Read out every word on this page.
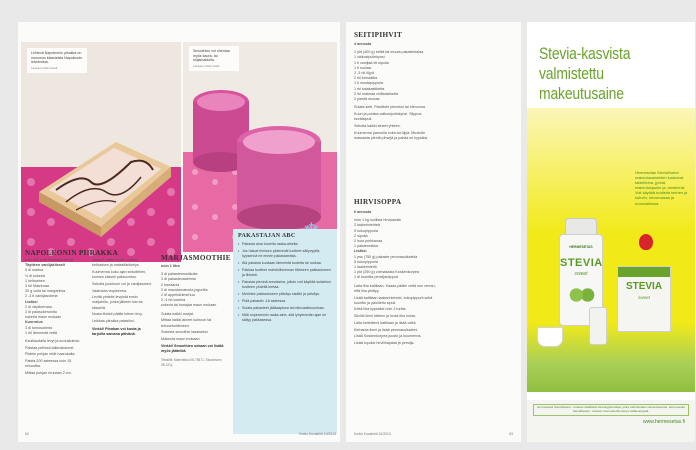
Lehtevä Napoleonin piirakka on muunnos klassisista Napoleonin leivoksista.
Laukaan Marmeladi
Smoothien voi ohentaa myös kaura- tai soijamaidolla.
Laukaan Marmeladi
NAPOLEONIN PIIRAKKA
noin 400 g eli lehtitaikinalevyt
Täytteen vaniljakiisseli
5 dl maitoa
¾ dl sokeria
1 keltuainen
3 rkl Maizenaa
30 g voita tai margariinia
2 -3 tl vaniljasokeria
Lisäksi
2 dl vispikermaa
3 dl palasokerointia
sokeria maun mukaan
Kuorrutus
3 dl tomusokeria
1 rkl lämmintä vettä

Kaulilaudalla levyt ja suorakulmio.

Paistaa pellissä taikinakannet.

Pistele pohjan reiät haarukalla.

Paista 200 asteessa noin 15 minuuttia.

Mittaa pohjan reunaan 2 cm.

kiisselit varten maito, sokeri, keltuainen ja maissitärkkelys.

Kuumenna koko ajan sekoitellen, kunnes kiisseli paksuuntuu.

Sekoita joukkoon voi ja vaniljasokeri.

Vaahdota vispikerma.

Levitä yhdelle levyistä ensin marjahillo, jonka jälkeen kerros kiisseliä.

Nosta tiiviisti päälle toinen levy.

Leikkaa piirakka palasiksi.

Vinkki! Piirakan voi koota ja tarjoilla samana päivänä.

MARJASMOOTHIE
noin 1 litra
3 dl pakastemustikoita
3 dl pakastevadelmia
2 banaania
3 dl maustamatonta jogurttia
2 dl appelsiinimehua
2 -4 rkl sokeria
sokeria tai hunajaa maun mukaan

Sulata kaikki marjat.

Mittaa kaikki aineet kulhoon tai tehosekoittimeen.

Sosesta smoothie tasaiseksi.

Makeuta maun mukaan.

Vinkki! Smoothien sekaan voi lisätä myös jäätelöä.

Tekstiilit: Marimekko 08-75871, Stockmann 08-1211.

PAKASTAJAN ABC
• Pakasta aina tuoreita raaka-aineita.
• Jos haluat ihmisen pidemmät tuotteet säilyvyyttä, kypsennä ne ennen pakastamista.
• Älä pakasta kuokaan lämmintä tuotetta tai ruokaa.
• Pakkaa tuotteet mahdollisimman tiiviiseen pakkaukseen ja lihtoisti.
• Pakasta pieninä annoksina, jolloin voit käyttää sulatetun tuotteen yhdellä kertaa.
• Merkitse pakkaukseen päiväys sisältö ja päiväys.
• Pidä pakastin -18 asteessa.
• Sulata pakasteet jääkaapissa tai mikroaaltouunissa.
• Mitä nopeammin raaka-aine, sitä lyhyemmän ajan se säilyy pakkasessa.
62	Kodin Kuvalehti 10/2013
SEITIPIHVIT
4 annosta
1 pkt (400 g) seitiä tai muuta pakastekalaa
1 valkosipulinkynsi
1 tl vaniljaa eli sipulia
1 tl suolaa
2 -3 rkl öljyä
2 rkl tomaattia
1 tl mustapippuria
1 rkl kalakastiketta
2 rkl makeaa chilikastiketta
2 pientä munaa

Sulata seiti. Paloittele pieneksi tai hienonna.

Kuori ja purista valkosipulinkynsi. Silppua kevätsipuli.

Sekoita kaikki aineet yhteen.

Kuumenna pannulla voita tai öljyä. Muotoile massasta pieniä pihvejä ja paista ne kypsiksi.

HIRVISOPPA
6 annosta
noin 1 kg luullista hirvipaistia
2 laakerinlehteä
5 kokopippuria
2 sipulia
2 isoa porkkanaa
1 palsternakka
Lisäksi
1 pss (750 g) pakaste perunasuikaleita
5 kokopippuria
1 laakerinlehti
1 pkt (250 g) voimakasta Koskenkorpea
1 dl tuoretta persiljasilppua

Laita liha kattilaan. Kaada päälle vettä sen verran, että liha peittyy.

Lisää kattilaan laakerinlehdet, kokopippurit sekä kuorittu ja paloiteltu sipuli.

Keitä liha kypsäksi noin 2 tuntia.

Siivilöi liemi talteen ja irrota liha luista.

Laita keitinliemi kattilaan ja lisää vettä.

Kiehauta liemi ja lisää perunasuikaleet.

Lisää Koskenkorpea juusto ja kuumenna.

Lisää lopuksi hirvilihapalat ja persilja.

Kodin Kuvalehti 10/2013	63
Stevia-kasvista
valmistettu
makeutusaine
Hermesetas SteviaSweet makeutusaineiden kaukovat tabletteina, jyvinä, makeutusjauhe ja -nesteenä. Voit käyttää tuotteita teehen ja kahviin, leivonnassa ja ruoanlaitossa.
HERMESETAS
STEVIA
sweet
STEVIA
sweet
Hermesetas SteviaSweet - tuotteet sisältävät steviolglykosideja, jotka valmistetaan stevia-kasvista. Hermesetas SteviaSweet - tuotteet ovat sokerittomia ja vähäenergisiä.
www.hermesetas.fi
